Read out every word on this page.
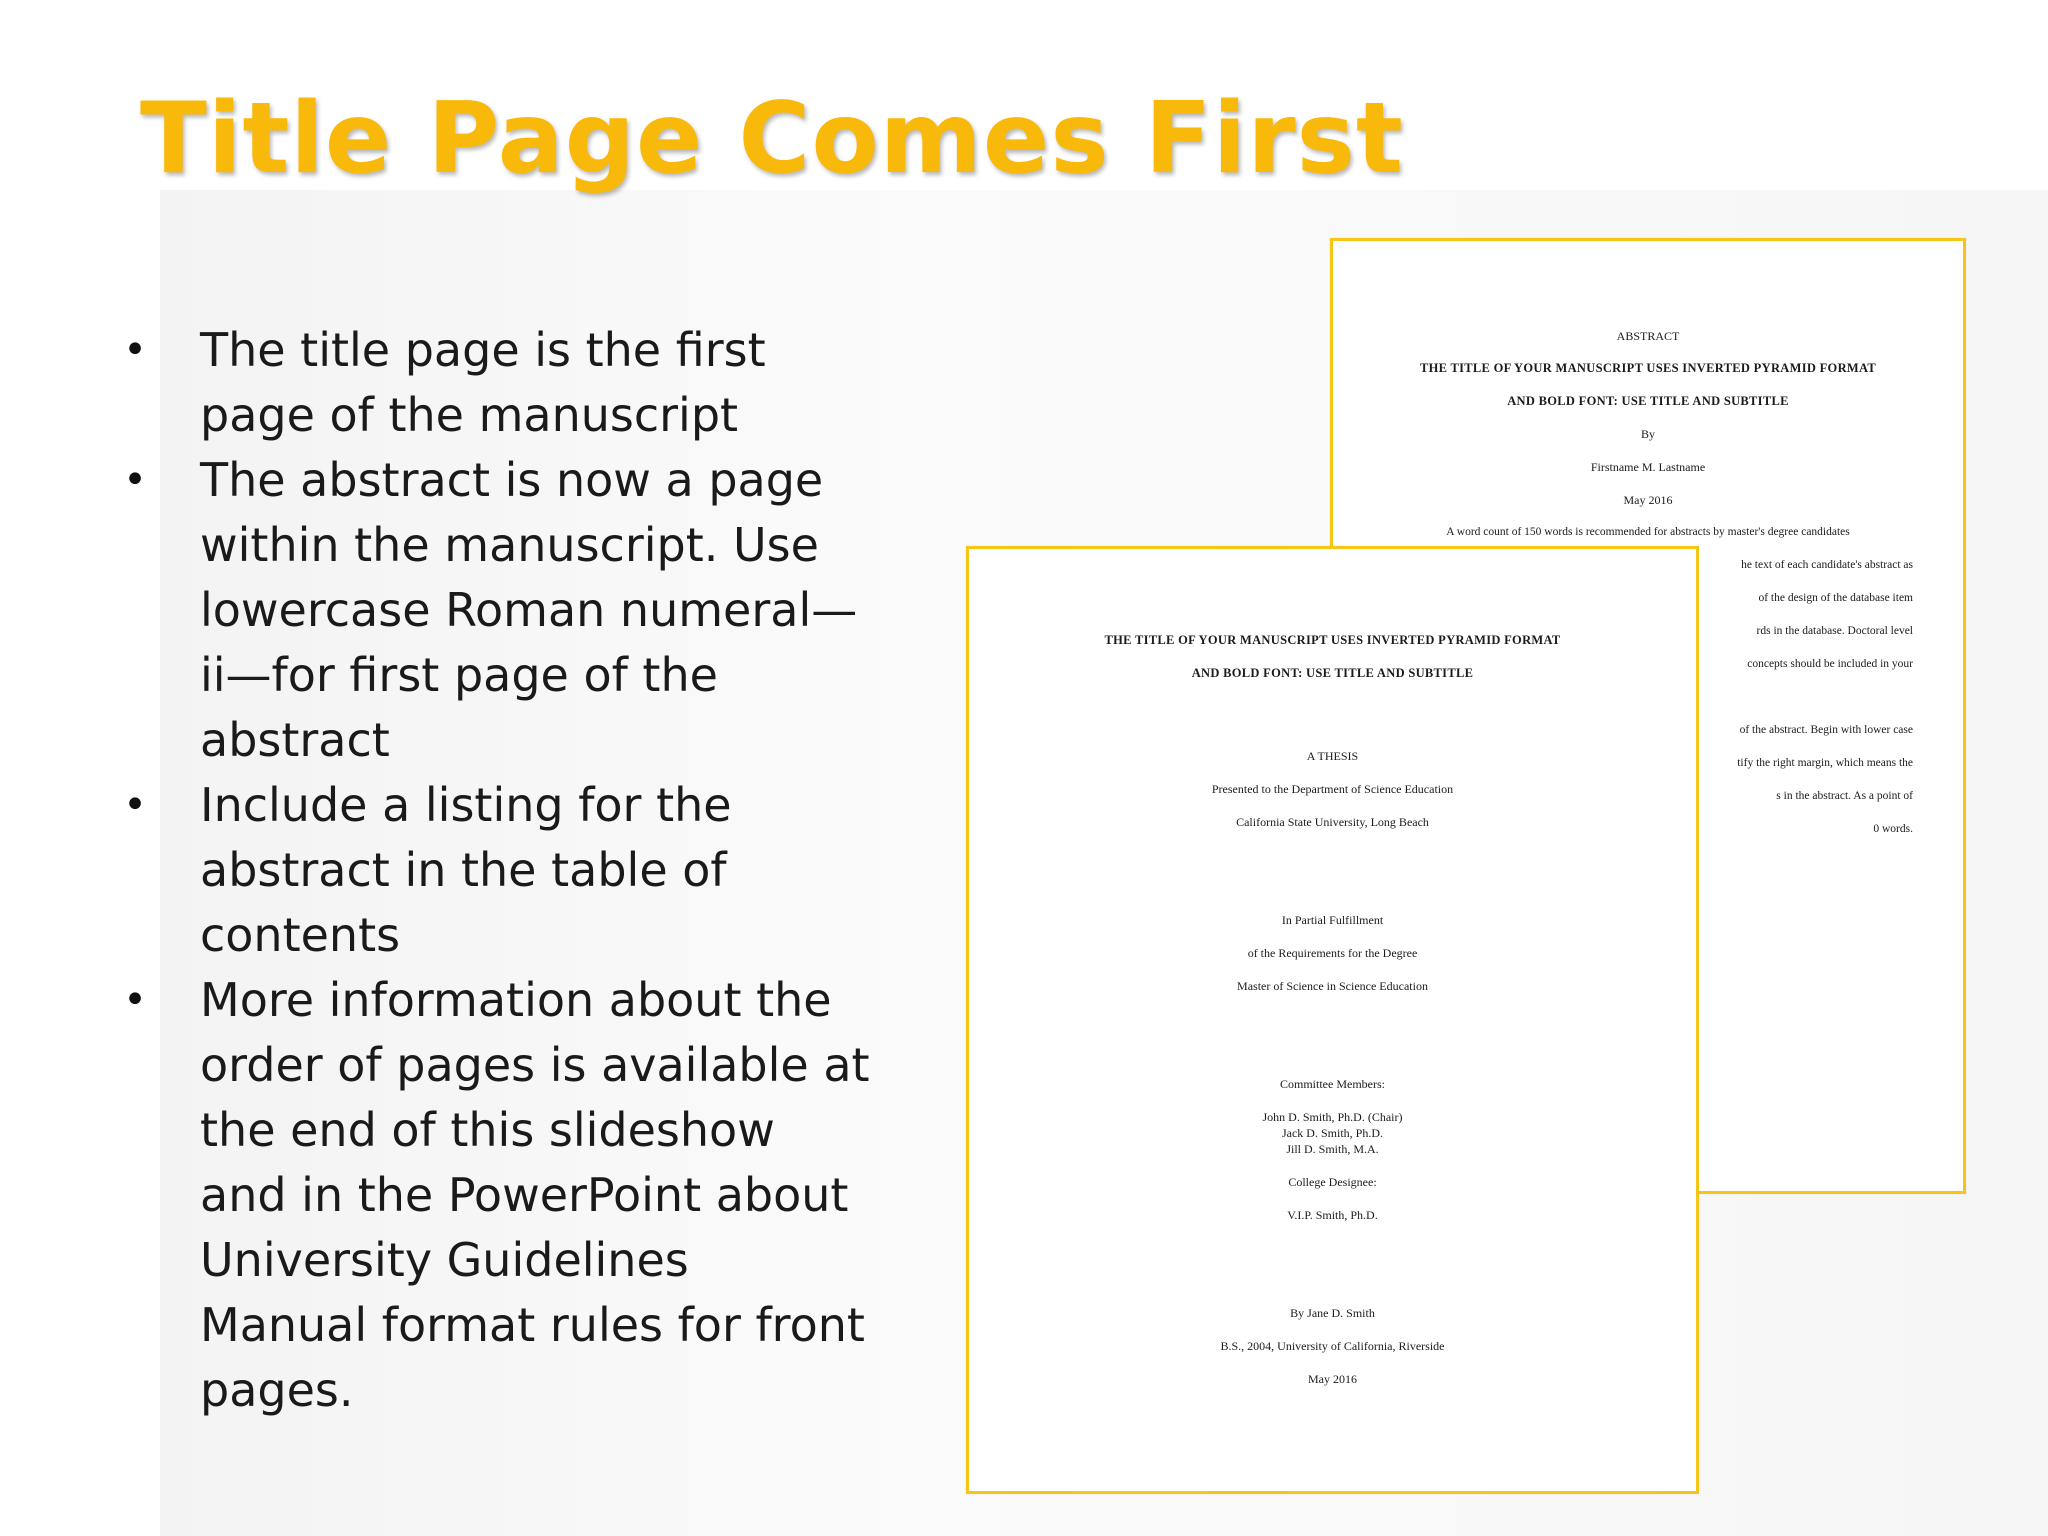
Title Page Comes First
• The title page is the first page of the manuscript
• The abstract is now a page within the manuscript. Use lowercase Roman numeral—ii—for first page of the abstract
• Include a listing for the abstract in the table of contents
• More information about the order of pages is available at the end of this slideshow and in the PowerPoint about University Guidelines Manual format rules for front pages.
ABSTRACT
THE TITLE OF YOUR MANUSCRIPT USES INVERTED PYRAMID FORMAT
AND BOLD FONT: USE TITLE AND SUBTITLE
By
Firstname M. Lastname
May 2016
A word count of 150 words is recommended for abstracts by master's degree candidates
he text of each candidate's abstract as
of the design of the database item
rds in the database. Doctoral level
concepts should be included in your
of the abstract. Begin with lower case
tify the right margin, which means the
s in the abstract. As a point of
0 words.
THE TITLE OF YOUR MANUSCRIPT USES INVERTED PYRAMID FORMAT
AND BOLD FONT: USE TITLE AND SUBTITLE
A THESIS
Presented to the Department of Science Education
California State University, Long Beach
In Partial Fulfillment
of the Requirements for the Degree
Master of Science in Science Education
Committee Members:
John D. Smith, Ph.D. (Chair)
Jack D. Smith, Ph.D.
Jill D. Smith, M.A.
College Designee:
V.I.P. Smith, Ph.D.
By Jane D. Smith
B.S., 2004, University of California, Riverside
May 2016
